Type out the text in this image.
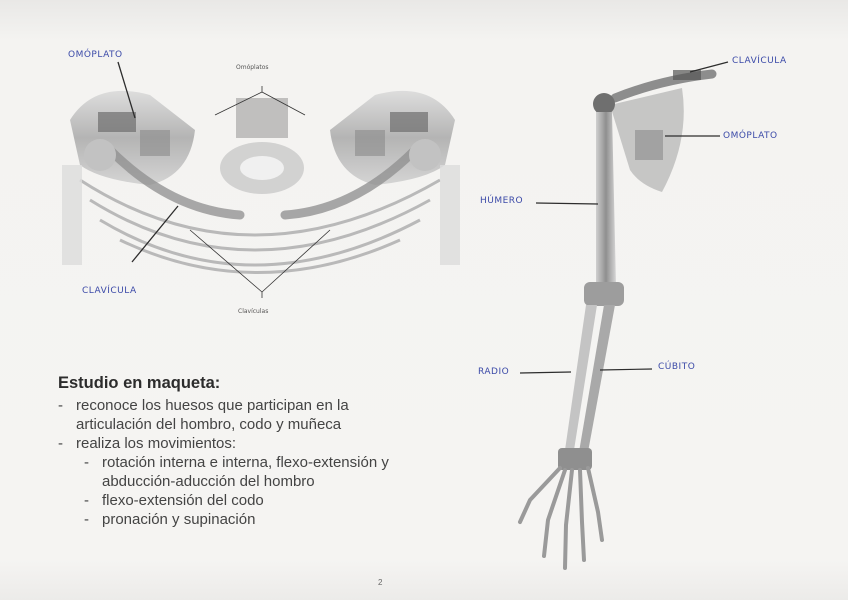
OMÓPLATO
CLAVÍCULA
Omóplatos
Clavículas
CLAVÍCULA
OMÓPLATO
HÚMERO
RADIO	CÚBITO

Estudio en maqueta:

- reconoce los huesos que participan en la
articulación del hombro, codo y muñeca
- realiza los movimientos:
- rotación interna e interna, flexo-extensión y
abducción-aducción del hombro
- flexo-extensión del codo
- pronación y supinación
2
